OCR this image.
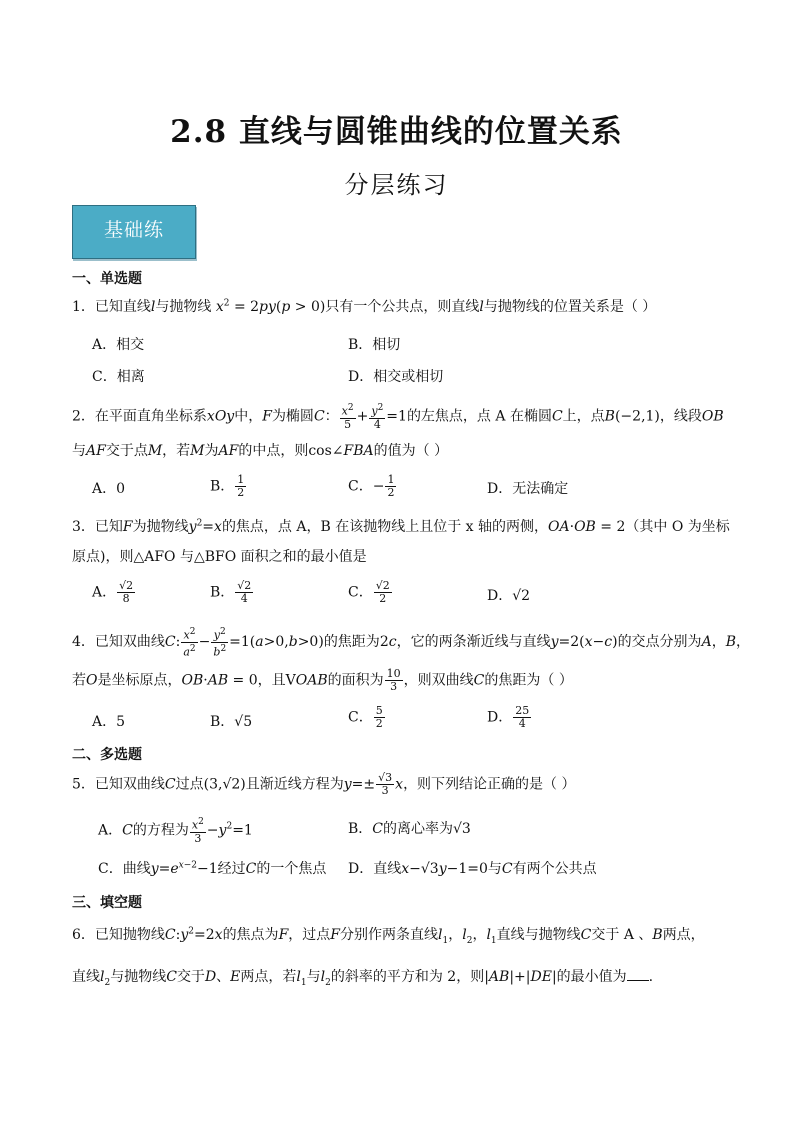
2.8 直线与圆锥曲线的位置关系
分层练习
基础练
一、单选题
1．已知直线l与抛物线 $x^2 = 2py(p > 0)$只有一个公共点，则直线l与抛物线的位置关系是（ ）
A．相交	B．相切
C．相离	D．相交或相切
2．在平面直角坐标系xOy中，F为椭圆C： $\frac{x^2}{5} + \frac{y^2}{4} =1$的左焦点，点 A 在椭圆C上，点B(−2,1)，线段OB
与AF交于点M，若M为AF的中点，则cos∠FBA的值为（ ）
A．0	B． $\frac{1}{2}$	C．− $\frac{1}{2}$	D．无法确定
3．已知F为抛物线$y^2=x$的焦点，点 A，B 在该抛物线上且位于 x 轴的两侧，OA·OB = 2（其中 O 为坐标
原点)，则△AFO 与△BFO 面积之和的最小值是
A． $\frac{√2}{8}$	B． $\frac{√2}{4}$	C． $\frac{√2}{2}$	D．√2
4．已知双曲线C: $\frac{x^2}{a^2} - \frac{y^2}{b^2} =1(a>0,b>0)$的焦距为2c，它的两条渐近线与直线y=2(x−c)的交点分别为A，B，
若O是坐标原点，OB·AB = 0，且VOAB的面积为 $\frac{10}{3}$ ，则双曲线C的焦距为（ ）
A．5	B．√5	C． $\frac{5}{2}$	D． $\frac{25}{4}$
二、多选题
5．已知双曲线C过点(3,√2)且渐近线方程为$y=\pm \frac{√3}{3}$ x，则下列结论正确的是（ ）
A．C的方程为 $\frac{x^2}{3} -y^2=1$	B．C的离心率为√3
C．曲线$y=e^{x-2}-1$经过C的一个焦点 D．直线x−√3y−1=0与C有两个公共点
三、填空题
6．已知抛物线$C:y^2=2x$的焦点为F，过点F分别作两条直线$l_1$，$l_2$，$l_1$直线与抛物线C交于 A 、B两点，
直线$l_2$与抛物线C交于D、E两点，若$l_1$与$l_2$的斜率的平方和为 2，则|AB|+|DE|的最小值为 .
